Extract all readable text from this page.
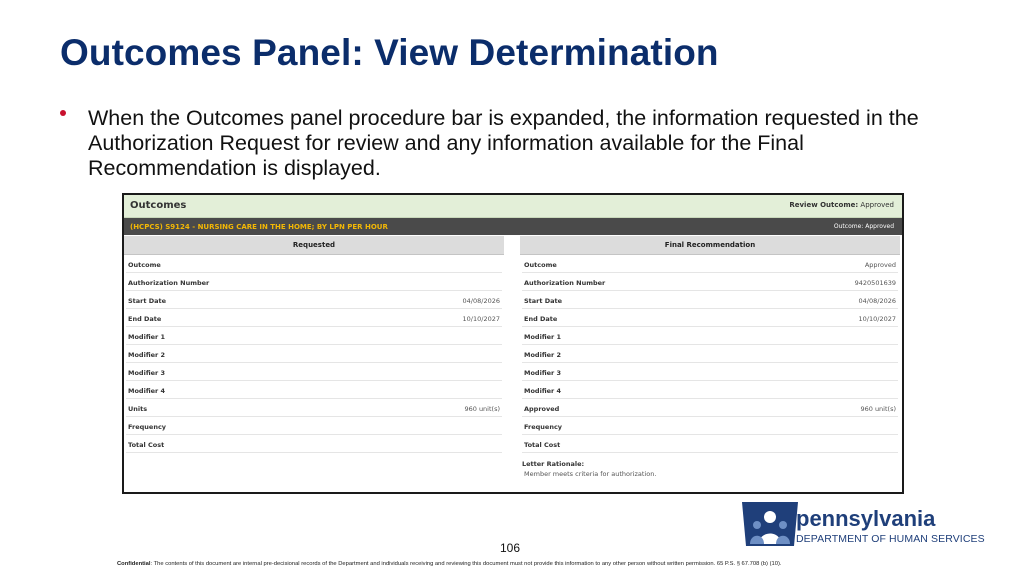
Outcomes Panel: View Determination
When the Outcomes panel procedure bar is expanded, the information requested in the Authorization Request for review and any information available for the Final Recommendation is displayed.
Outcomes	Review Outcome: Approved
(HCPCS) S9124 - NURSING CARE IN THE HOME; BY LPN PER HOUR	Outcome: Approved
Requested
Outcome
Authorization Number
Start Date	04/08/2026
End Date	10/10/2027
Modifier 1
Modifier 2
Modifier 3
Modifier 4
Units	960 unit(s)
Frequency
Total Cost
Final Recommendation
Outcome	Approved
Authorization Number	9420501639
Start Date	04/08/2026
End Date	10/10/2027
Modifier 1
Modifier 2
Modifier 3
Modifier 4
Approved	960 unit(s)
Frequency
Total Cost
Letter Rationale:
Member meets criteria for authorization.
106
pennsylvania
DEPARTMENT OF HUMAN SERVICES
Confidential: The contents of this document are internal pre-decisional records of the Department and individuals receiving and reviewing this document must not provide this information to any other person without written permission. 65 P.S. § 67.708 (b) (10).
